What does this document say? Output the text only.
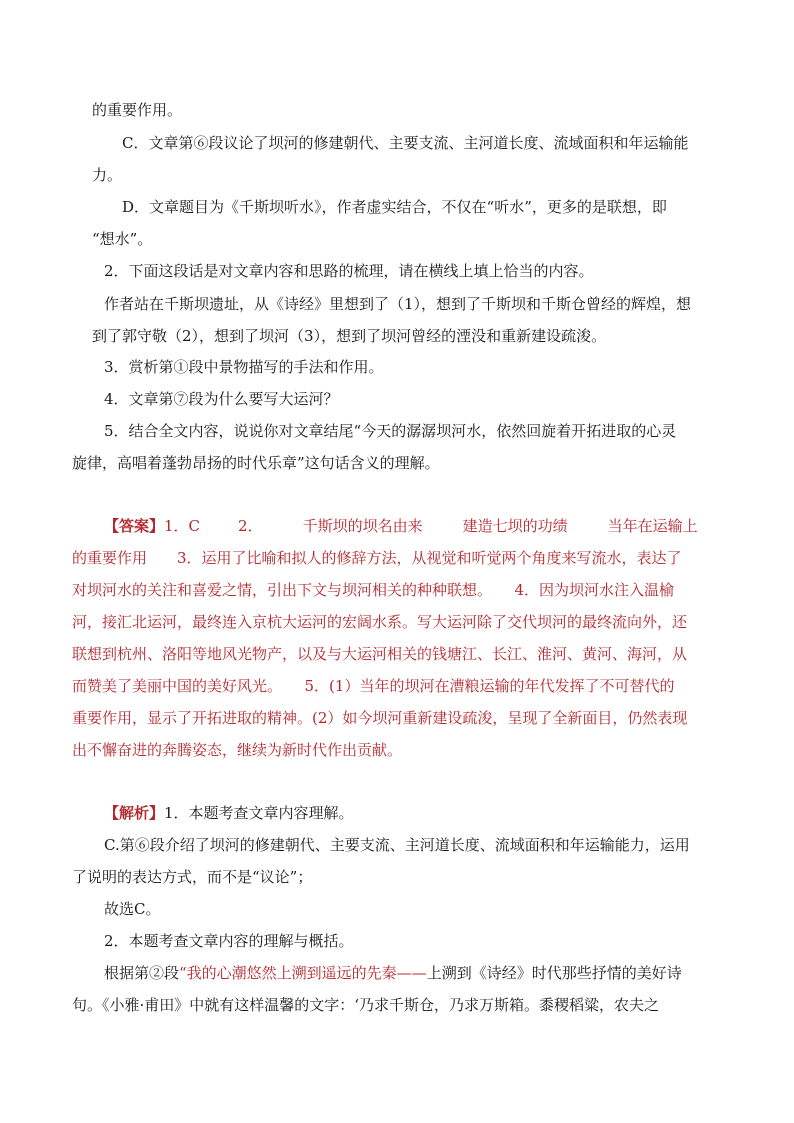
的重要作用。
C．文章第⑥段议论了坝河的修建朝代、主要支流、主河道长度、流域面积和年运输能
力。
D．文章题目为《千斯坝听水》，作者虚实结合，不仅在“听水”，更多的是联想，即
“想水”。
2．下面这段话是对文章内容和思路的梳理，请在横线上填上恰当的内容。
作者站在千斯坝遗址，从《诗经》里想到了（1），想到了千斯坝和千斯仓曾经的辉煌，想
到了郭守敬（2），想到了坝河（3），想到了坝河曾经的湮没和重新建设疏浚。
3．赏析第①段中景物描写的手法和作用。
4．文章第⑦段为什么要写大运河？
5．结合全文内容，说说你对文章结尾“今天的潺潺坝河水，依然回旋着开拓进取的心灵
旋律，高唱着蓬勃昂扬的时代乐章”这句话含义的理解。
【答案】1．C	2．	千斯坝的坝名由来	建造七坝的功绩	当年在运输上
的重要作用　　3．运用了比喻和拟人的修辞方法，从视觉和听觉两个角度来写流水，表达了
对坝河水的关注和喜爱之情，引出下文与坝河相关的种种联想。　　4．因为坝河水注入温榆
河，接汇北运河，最终连入京杭大运河的宏阔水系。写大运河除了交代坝河的最终流向外，还
联想到杭州、洛阳等地风光物产，以及与大运河相关的钱塘江、长江、淮河、黄河、海河，从
而赞美了美丽中国的美好风光。　　5．(1）当年的坝河在漕粮运输的年代发挥了不可替代的
重要作用，显示了开拓进取的精神。(2）如今坝河重新建设疏浚，呈现了全新面目，仍然表现
出不懈奋进的奔腾姿态，继续为新时代作出贡献。
【解析】1．本题考查文章内容理解。
C.第⑥段介绍了坝河的修建朝代、主要支流、主河道长度、流域面积和年运输能力，运用
了说明的表达方式，而不是“议论”；
故选C。
2．本题考查文章内容的理解与概括。
根据第②段“我的心潮悠然上溯到遥远的先秦——上溯到《诗经》时代那些抒情的美好诗
句。《小雅·甫田》中就有这样温馨的文字：‘乃求千斯仓，乃求万斯箱。黍稷稻粱，农夫之
